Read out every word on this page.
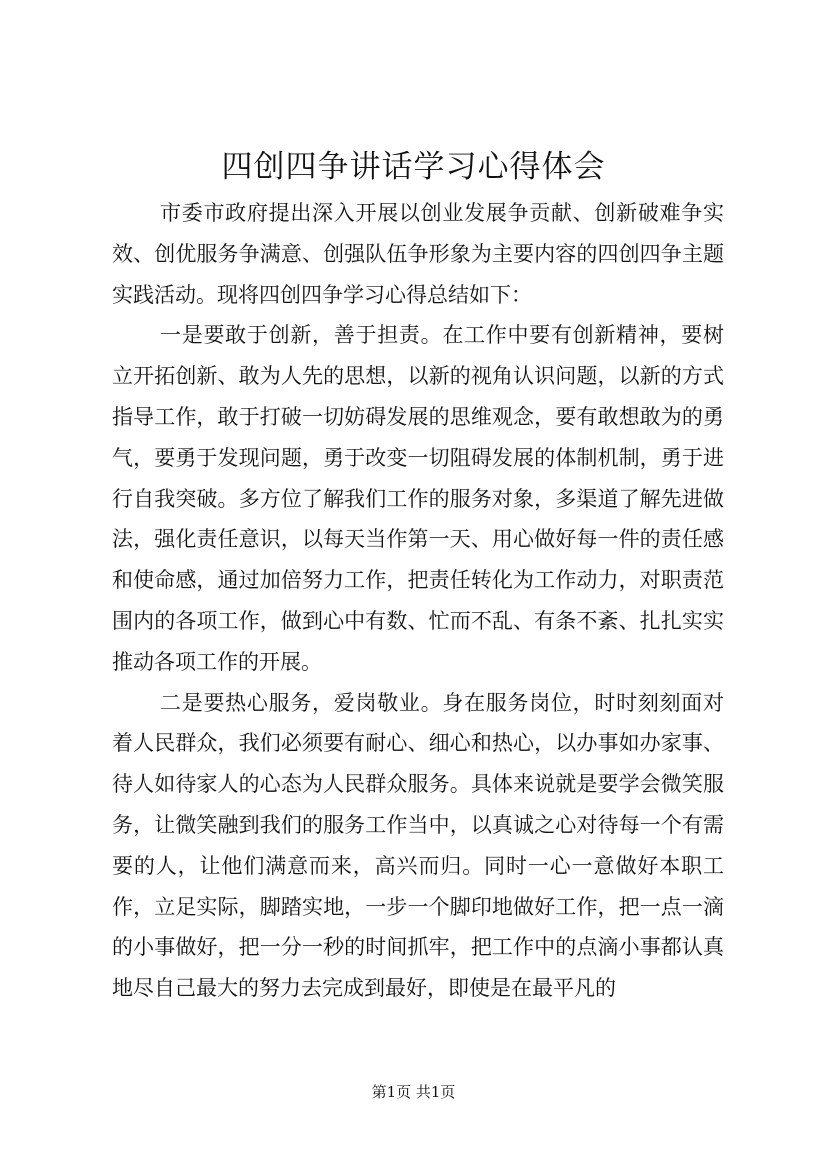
四创四争讲话学习心得体会

市委市政府提出深入开展以创业发展争贡献、创新破难争实效、创优服务争满意、创强队伍争形象为主要内容的四创四争主题实践活动。现将四创四争学习心得总结如下：

一是要敢于创新，善于担责。在工作中要有创新精神，要树立开拓创新、敢为人先的思想，以新的视角认识问题，以新的方式指导工作，敢于打破一切妨碍发展的思维观念，要有敢想敢为的勇气，要勇于发现问题，勇于改变一切阻碍发展的体制机制，勇于进行自我突破。多方位了解我们工作的服务对象，多渠道了解先进做法，强化责任意识，以每天当作第一天、用心做好每一件的责任感和使命感，通过加倍努力工作，把责任转化为工作动力，对职责范围内的各项工作，做到心中有数、忙而不乱、有条不紊、扎扎实实推动各项工作的开展。

二是要热心服务，爱岗敬业。身在服务岗位，时时刻刻面对着人民群众，我们必须要有耐心、细心和热心，以办事如办家事、待人如待家人的心态为人民群众服务。具体来说就是要学会微笑服务，让微笑融到我们的服务工作当中，以真诚之心对待每一个有需要的人，让他们满意而来，高兴而归。同时一心一意做好本职工作，立足实际，脚踏实地，一步一个脚印地做好工作，把一点一滴的小事做好，把一分一秒的时间抓牢，把工作中的点滴小事都认真地尽自己最大的努力去完成到最好，即使是在最平凡的

第1页 共1页
